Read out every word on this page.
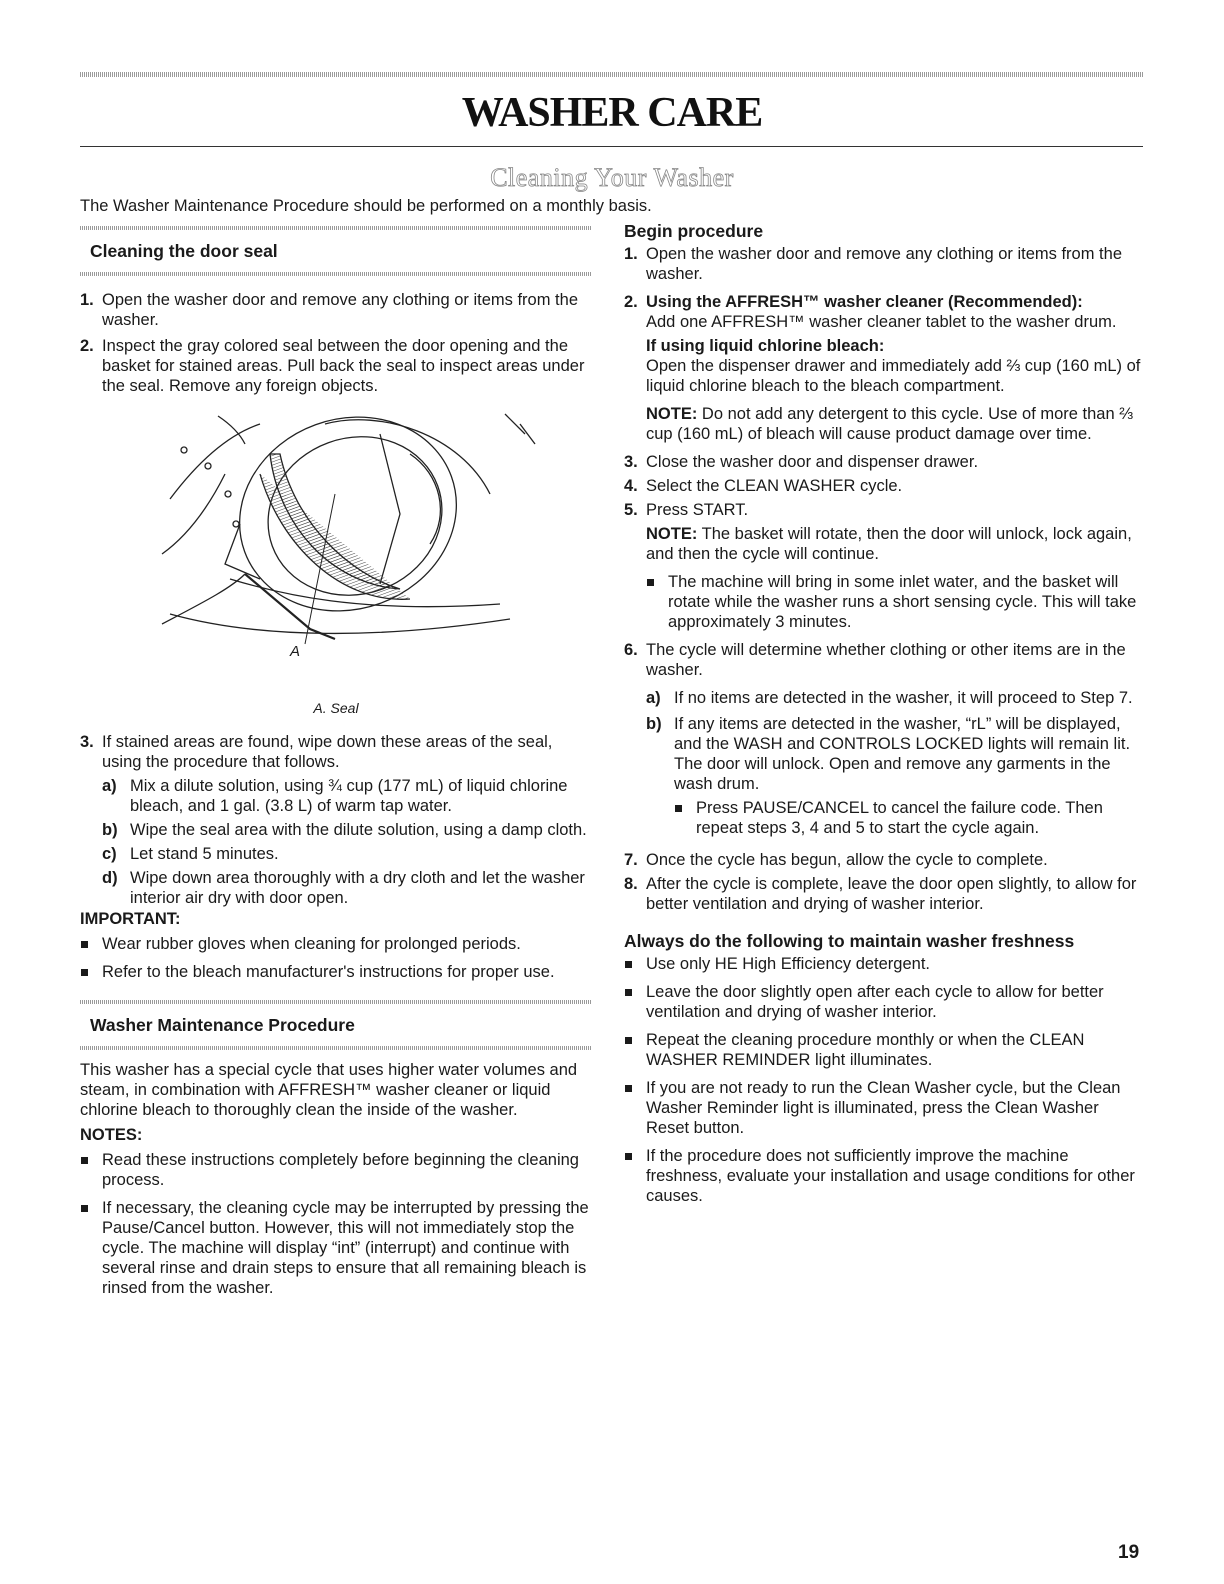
WASHER CARE
Cleaning Your Washer
The Washer Maintenance Procedure should be performed on a monthly basis.
Cleaning the door seal
1. Open the washer door and remove any clothing or items from the washer.
2. Inspect the gray colored seal between the door opening and the basket for stained areas. Pull back the seal to inspect areas under the seal. Remove any foreign objects.
A
A. Seal
3. If stained areas are found, wipe down these areas of the seal, using the procedure that follows.
a) Mix a dilute solution, using ¾ cup (177 mL) of liquid chlorine bleach, and 1 gal. (3.8 L) of warm tap water.
b) Wipe the seal area with the dilute solution, using a damp cloth.
c) Let stand 5 minutes.
d) Wipe down area thoroughly with a dry cloth and let the washer interior air dry with door open.
IMPORTANT:
Wear rubber gloves when cleaning for prolonged periods.
Refer to the bleach manufacturer's instructions for proper use.
Washer Maintenance Procedure

This washer has a special cycle that uses higher water volumes and steam, in combination with AFFRESH™ washer cleaner or liquid chlorine bleach to thoroughly clean the inside of the washer.

NOTES:
Read these instructions completely before beginning the cleaning process.
If necessary, the cleaning cycle may be interrupted by pressing the Pause/Cancel button. However, this will not immediately stop the cycle. The machine will display “int” (interrupt) and continue with several rinse and drain steps to ensure that all remaining bleach is rinsed from the washer.
Begin procedure
1. Open the washer door and remove any clothing or items from the washer.
2. Using the AFFRESH™ washer cleaner (Recommended):
Add one AFFRESH™ washer cleaner tablet to the washer drum.
If using liquid chlorine bleach:
Open the dispenser drawer and immediately add ⅔ cup (160 mL) of liquid chlorine bleach to the bleach compartment.
NOTE: Do not add any detergent to this cycle. Use of more than ⅔ cup (160 mL) of bleach will cause product damage over time.
3. Close the washer door and dispenser drawer.
4. Select the CLEAN WASHER cycle.
5. Press START.
NOTE: The basket will rotate, then the door will unlock, lock again, and then the cycle will continue.
The machine will bring in some inlet water, and the basket will rotate while the washer runs a short sensing cycle. This will take approximately 3 minutes.
6. The cycle will determine whether clothing or other items are in the washer.
a) If no items are detected in the washer, it will proceed to Step 7.
b) If any items are detected in the washer, “rL” will be displayed, and the WASH and CONTROLS LOCKED lights will remain lit. The door will unlock. Open and remove any garments in the wash drum.
Press PAUSE/CANCEL to cancel the failure code. Then repeat steps 3, 4 and 5 to start the cycle again.
7. Once the cycle has begun, allow the cycle to complete.
8. After the cycle is complete, leave the door open slightly, to allow for better ventilation and drying of washer interior.
Always do the following to maintain washer freshness
Use only HE High Efficiency detergent.
Leave the door slightly open after each cycle to allow for better ventilation and drying of washer interior.
Repeat the cleaning procedure monthly or when the CLEAN WASHER REMINDER light illuminates.
If you are not ready to run the Clean Washer cycle, but the Clean Washer Reminder light is illuminated, press the Clean Washer Reset button.
If the procedure does not sufficiently improve the machine freshness, evaluate your installation and usage conditions for other causes.
19
